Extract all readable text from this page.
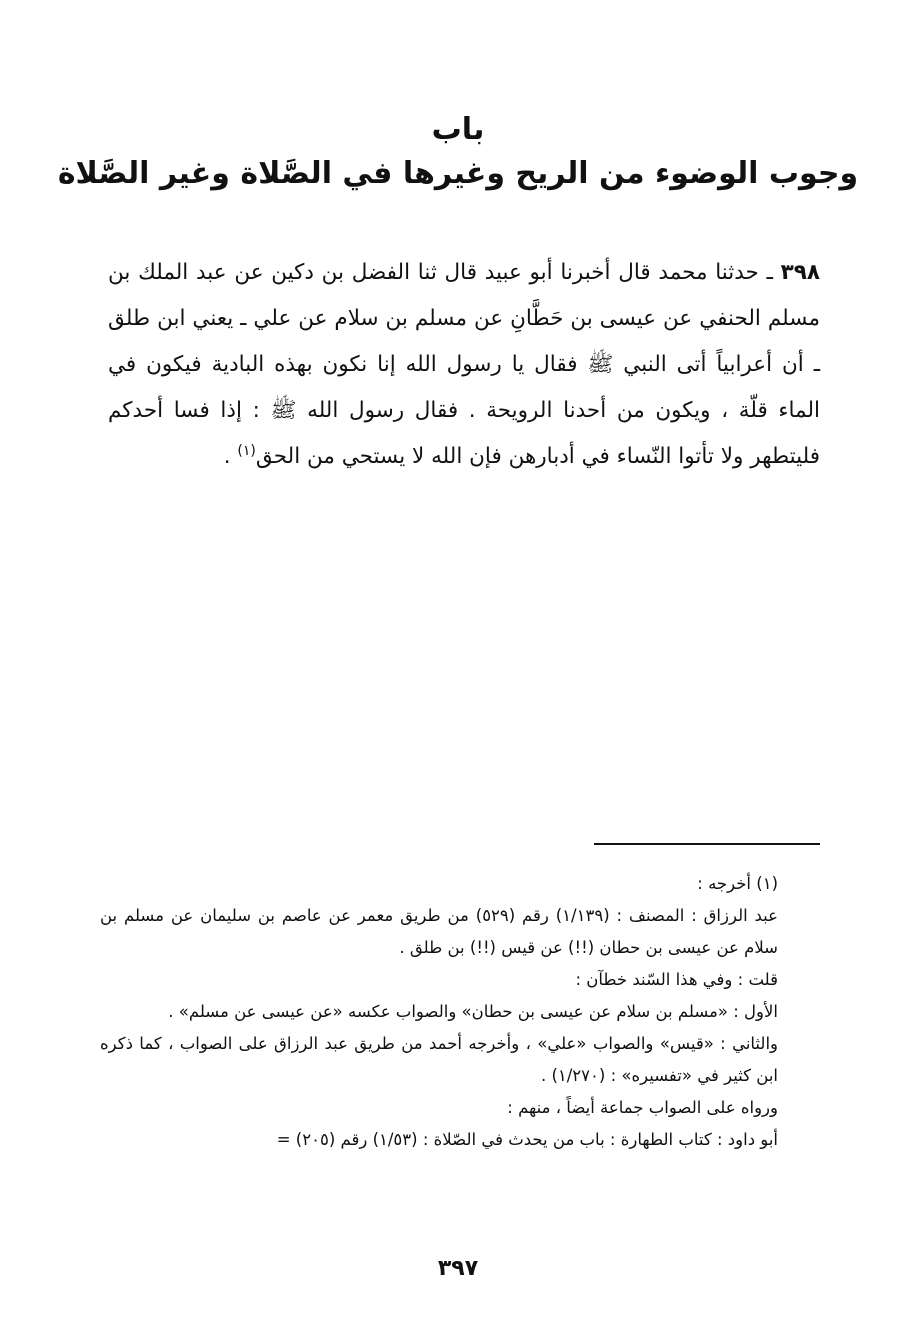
باب
وجوب الوضوء من الريح وغيرها في الصَّلاة وغير الصَّلاة
٣٩٨ ـ حدثنا محمد قال أخبرنا أبو عبيد قال ثنا الفضل بن دكين عن عبد الملك بن مسلم الحنفي عن عيسى بن حَطَّانِ عن مسلم بن سلام عن علي ـ يعني ابن طلق ـ أن أعرابياً أتى النبي ﷺ فقال يا رسول الله إنا نكون بهذه البادية فيكون في الماء قلّة ، ويكون من أحدنا الرويحة . فقال رسول الله ﷺ : إذا فسا أحدكم فليتطهر ولا تأتوا النّساء في أدبارهن فإن الله لا يستحي من الحق$^{(١)}$ .
(١) أخرجه :
عبد الرزاق : المصنف : (١/١٣٩) رقم (٥٢٩) من طريق معمر عن عاصم بن سليمان عن مسلم بن سلام عن عيسى بن حطان (!!) عن قيس (!!) بن طلق .
قلت : وفي هذا السّند خطآن :
الأول : «مسلم بن سلام عن عيسى بن حطان» والصواب عكسه «عن عيسى عن مسلم» .
والثاني : «قيس» والصواب «علي» ، وأخرجه أحمد من طريق عبد الرزاق على الصواب ، كما ذكره ابن كثير في «تفسيره» : (١/٢٧٠) .
ورواه على الصواب جماعة أيضاً ، منهم :
أبو داود : كتاب الطهارة : باب من يحدث في الصّلاة : (١/٥٣) رقم (٢٠٥) =
٣٩٧
